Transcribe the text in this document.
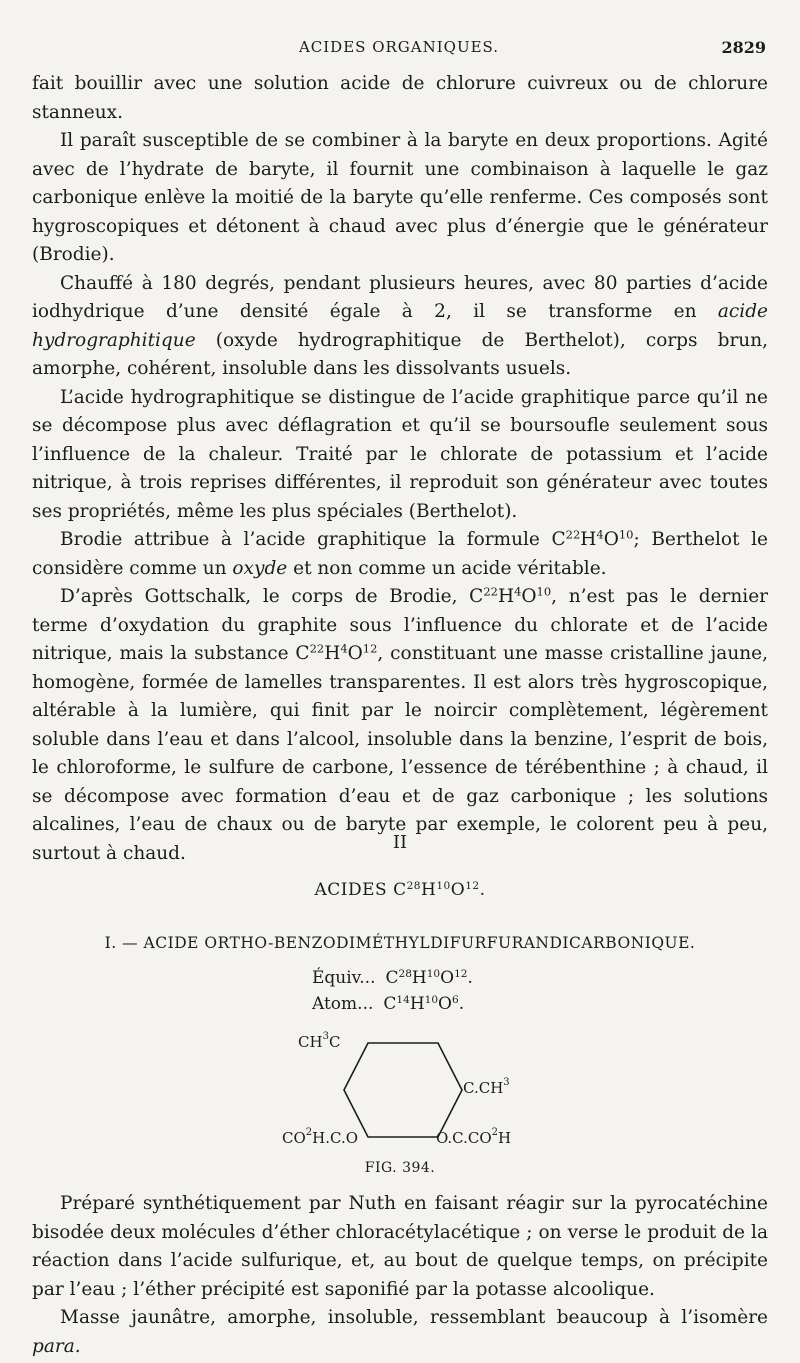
ACIDES ORGANIQUES.	2829

fait bouillir avec une solution acide de chlorure cuivreux ou de chlorure stanneux.

Il paraît susceptible de se combiner à la baryte en deux proportions. Agité avec de l’hydrate de baryte, il fournit une combinaison à laquelle le gaz carbonique enlève la moitié de la baryte qu’elle renferme. Ces composés sont hygroscopiques et détonent à chaud avec plus d’énergie que le générateur (Brodie).

Chauffé à 180 degrés, pendant plusieurs heures, avec 80 parties d’acide iodhydrique d’une densité égale à 2, il se transforme en acide hydrographitique (oxyde hydrographitique de Berthelot), corps brun, amorphe, cohérent, insoluble dans les dissolvants usuels.

L’acide hydrographitique se distingue de l’acide graphitique parce qu’il ne se décompose plus avec déflagration et qu’il se boursoufle seulement sous l’influence de la chaleur. Traité par le chlorate de potassium et l’acide nitrique, à trois reprises différentes, il reproduit son générateur avec toutes ses propriétés, même les plus spéciales (Berthelot).

Brodie attribue à l’acide graphitique la formule $C^{22}H^4O^{10}$; Berthelot le considère comme un oxyde et non comme un acide véritable.

D’après Gottschalk, le corps de Brodie, $C^{22}H^4O^{10}$, n’est pas le dernier terme d’oxydation du graphite sous l’influence du chlorate et de l’acide nitrique, mais la substance $C^{22}H^4O^{12}$, constituant une masse cristalline jaune, homogène, formée de lamelles transparentes. Il est alors très hygroscopique, altérable à la lumière, qui finit par le noircir complètement, légèrement soluble dans l’eau et dans l’alcool, insoluble dans la benzine, l’esprit de bois, le chloroforme, le sulfure de carbone, l’essence de térébenthine ; à chaud, il se décompose avec formation d’eau et de gaz carbonique ; les solutions alcalines, l’eau de chaux ou de baryte par exemple, le colorent peu à peu, surtout à chaud.	II
ACIDES $C^{28}H^{10}O^{12}$.
I. — ACIDE ORTHO-BENZODIMÉTHYLDIFURFURANDICARBONIQUE.
Équiv... $C^{28}H^{10}O^{12}$.
Atom... $C^{14}H^{10}O^6$.
$CH^3C$
$C.CH^3$
$CO^2H.C.O$	$O.C.CO^2H$
FIG. 394.

Préparé synthétiquement par Nuth en faisant réagir sur la pyrocatéchine bisodée deux molécules d’éther chloracétylacétique ; on verse le produit de la réaction dans l’acide sulfurique, et, au bout de quelque temps, on précipite par l’eau ; l’éther précipité est saponifié par la potasse alcoolique.

Masse jaunâtre, amorphe, insoluble, ressemblant beaucoup à l’isomère para.
